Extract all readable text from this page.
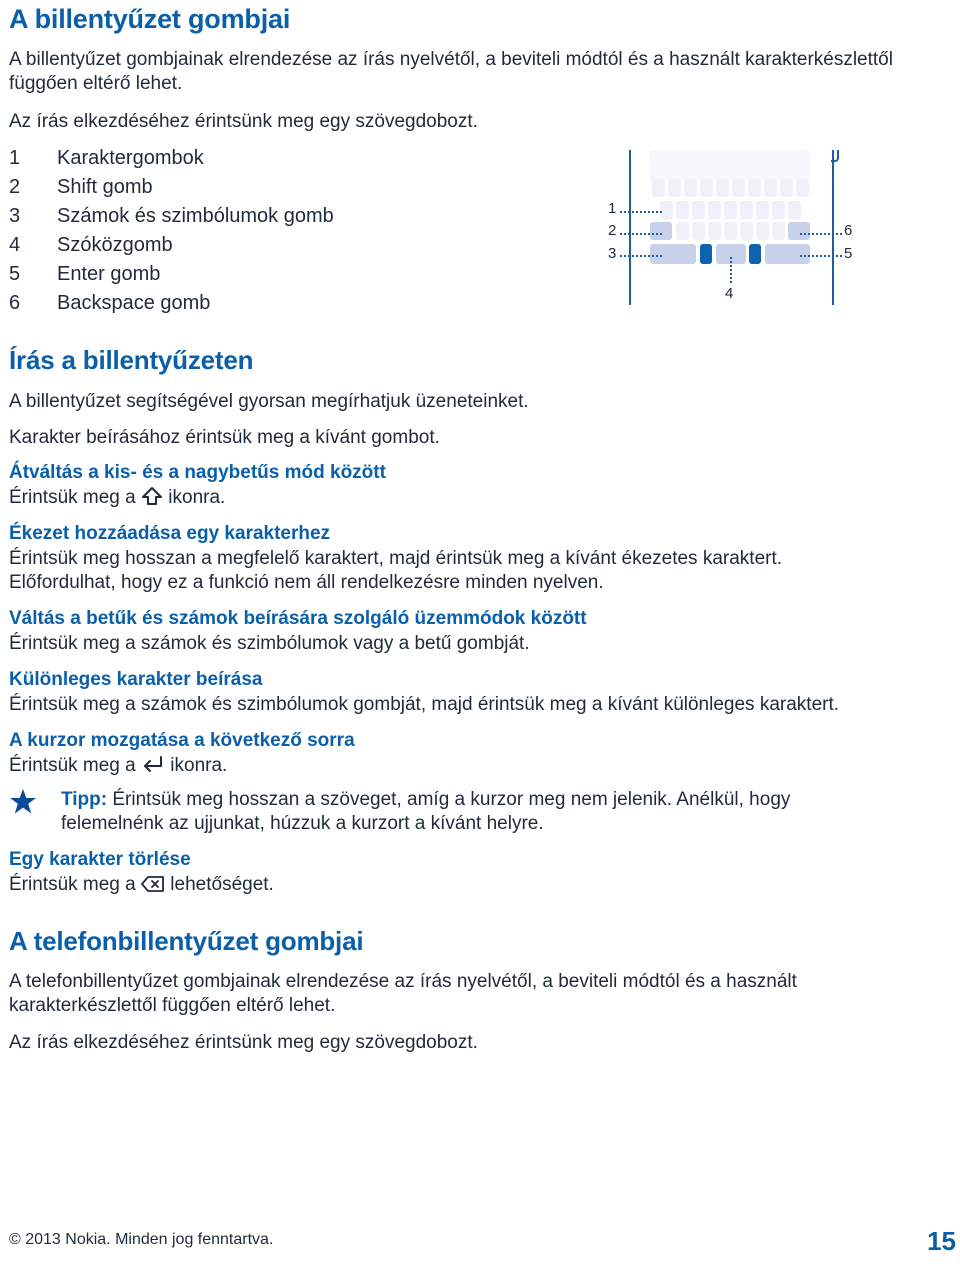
A billentyűzet gombjai
A billentyűzet gombjainak elrendezése az írás nyelvétől, a beviteli módtól és a használt karakterkészlettől függően eltérő lehet.
Az írás elkezdéséhez érintsünk meg egy szövegdobozt.
1 Karaktergombok
2 Shift gomb
3 Számok és szimbólumok gomb
4 Szóközgomb
5 Enter gomb
6 Backspace gomb
1
2
3
6
5
4
Írás a billentyűzeten
A billentyűzet segítségével gyorsan megírhatjuk üzeneteinket.
Karakter beírásához érintsük meg a kívánt gombot.
Átváltás a kis- és a nagybetűs mód között
Érintsük meg a ikonra.
Ékezet hozzáadása egy karakterhez
Érintsük meg hosszan a megfelelő karaktert, majd érintsük meg a kívánt ékezetes karaktert.
Előfordulhat, hogy ez a funkció nem áll rendelkezésre minden nyelven.
Váltás a betűk és számok beírására szolgáló üzemmódok között
Érintsük meg a számok és szimbólumok vagy a betű gombját.
Különleges karakter beírása
Érintsük meg a számok és szimbólumok gombját, majd érintsük meg a kívánt különleges karaktert.
A kurzor mozgatása a következő sorra
Érintsük meg a ikonra.
Tipp: Érintsük meg hosszan a szöveget, amíg a kurzor meg nem jelenik. Anélkül, hogy
felemelnénk az ujjunkat, húzzuk a kurzort a kívánt helyre.
Egy karakter törlése
Érintsük meg a lehetőséget.
A telefonbillentyűzet gombjai
A telefonbillentyűzet gombjainak elrendezése az írás nyelvétől, a beviteli módtól és a használt
karakterkészlettől függően eltérő lehet.
Az írás elkezdéséhez érintsünk meg egy szövegdobozt.
© 2013 Nokia. Minden jog fenntartva.	15
